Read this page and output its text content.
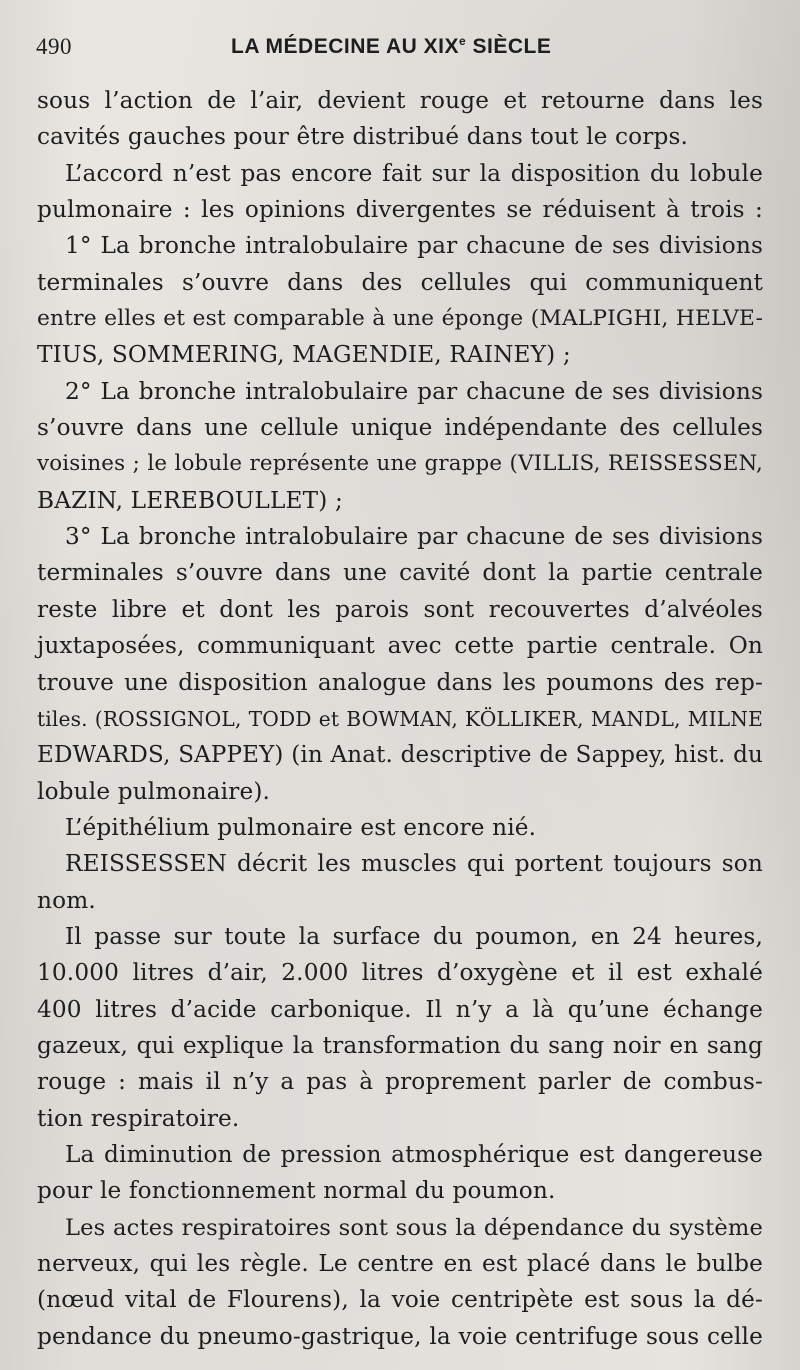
490	LA MÉDECINE AU XIXe SIÈCLE
sous l’action de l’air, devient rouge et retourne dans les
cavités gauches pour être distribué dans tout le corps.
L’accord n’est pas encore fait sur la disposition du lobule
pulmonaire : les opinions divergentes se réduisent à trois :
1° La bronche intralobulaire par chacune de ses divisions
terminales s’ouvre dans des cellules qui communiquent
entre elles et est comparable à une éponge (MALPIGHI, HELVE-
TIUS, SOMMERING, MAGENDIE, RAINEY) ;
2° La bronche intralobulaire par chacune de ses divisions
s’ouvre dans une cellule unique indépendante des cellules
voisines ; le lobule représente une grappe (VILLIS, REISSESSEN,
BAZIN, LEREBOULLET) ;
3° La bronche intralobulaire par chacune de ses divisions
terminales s’ouvre dans une cavité dont la partie centrale
reste libre et dont les parois sont recouvertes d’alvéoles
juxtaposées, communiquant avec cette partie centrale. On
trouve une disposition analogue dans les poumons des rep-
tiles. (ROSSIGNOL, TODD et BOWMAN, KÖLLIKER, MANDL, MILNE
EDWARDS, SAPPEY) (in Anat. descriptive de Sappey, hist. du
lobule pulmonaire).
L’épithélium pulmonaire est encore nié.
REISSESSEN décrit les muscles qui portent toujours son
nom.
Il passe sur toute la surface du poumon, en 24 heures,
10.000 litres d’air, 2.000 litres d’oxygène et il est exhalé
400 litres d’acide carbonique. Il n’y a là qu’une échange
gazeux, qui explique la transformation du sang noir en sang
rouge : mais il n’y a pas à proprement parler de combus-
tion respiratoire.
La diminution de pression atmosphérique est dangereuse
pour le fonctionnement normal du poumon.
Les actes respiratoires sont sous la dépendance du système
nerveux, qui les règle. Le centre en est placé dans le bulbe
(nœud vital de Flourens), la voie centripète est sous la dé-
pendance du pneumo-gastrique, la voie centrifuge sous celle
